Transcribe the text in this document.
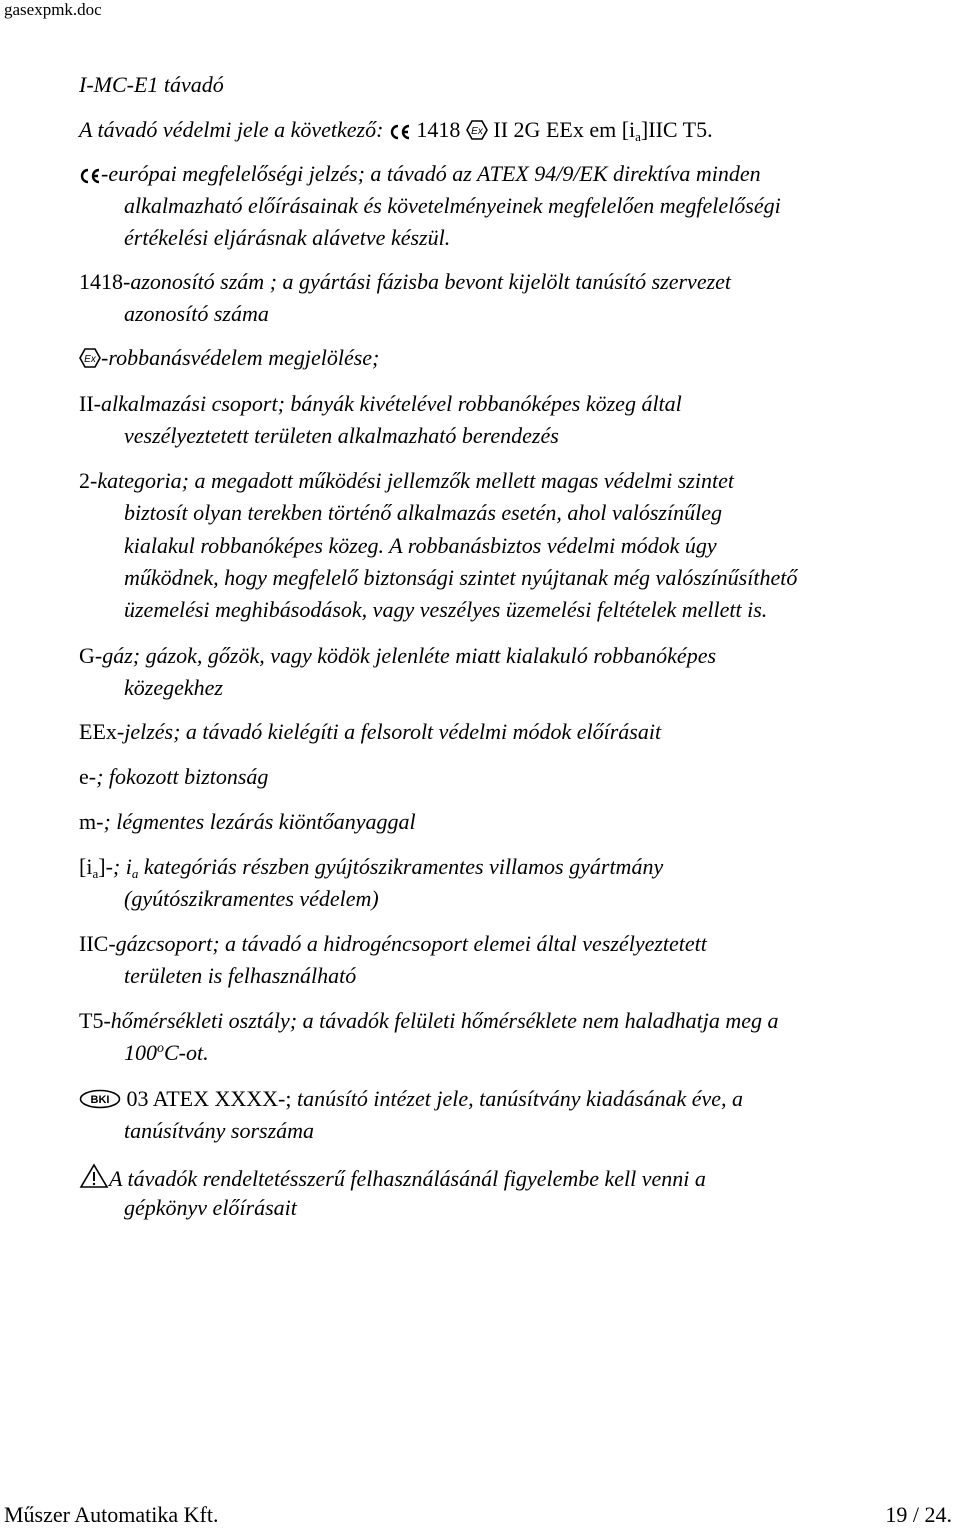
gasexpmk.doc
I-MC-E1 távadó
A távadó védelmi jele a következő: 1418 Ex II 2G EEx em $[i_a]IIC$ T5.
-európai megfelelőségi jelzés; a távadó az ATEX 94/9/EK direktíva minden
alkalmazható előírásainak és követelményeinek megfelelően megfelelőségi
értékelési eljárásnak alávetve készül.
1418-azonosító szám ; a gyártási fázisba bevont kijelölt tanúsító szervezet
azonosító száma
Ex -robbanásvédelem megjelölése;
II-alkalmazási csoport; bányák kivételével robbanóképes közeg által
veszélyeztetett területen alkalmazható berendezés
2-kategoria; a megadott működési jellemzők mellett magas védelmi szintet
biztosít olyan terekben történő alkalmazás esetén, ahol valószínűleg
kialakul robbanóképes közeg. A robbanásbiztos védelmi módok úgy
működnek, hogy megfelelő biztonsági szintet nyújtanak még valószínűsíthető
üzemelési meghibásodások, vagy veszélyes üzemelési feltételek mellett is.
G-gáz; gázok, gőzök, vagy ködök jelenléte miatt kialakuló robbanóképes
közegekhez
EEx-jelzés; a távadó kielégíti a felsorolt védelmi módok előírásait
e-; fokozott biztonság
m-; légmentes lezárás kiöntőanyaggal
$[i_a]-$; $i_a$ kategóriás részben gyújtószikramentes villamos gyártmány
(gyútószikramentes védelem)
IIC-gázcsoport; a távadó a hidrogéncsoport elemei által veszélyeztetett
területen is felhasználható
T5-hőmérsékleti osztály; a távadók felületi hőmérséklete nem haladhatja meg a
100$^o$C-ot.
BKI 03 ATEX XXXX-; tanúsító intézet jele, tanúsítvány kiadásának éve, a
tanúsítvány sorszáma
A távadók rendeltetésszerű felhasználásánál figyelembe kell venni a
gépkönyv előírásait
Műszer Automatika Kft.	19 / 24.
